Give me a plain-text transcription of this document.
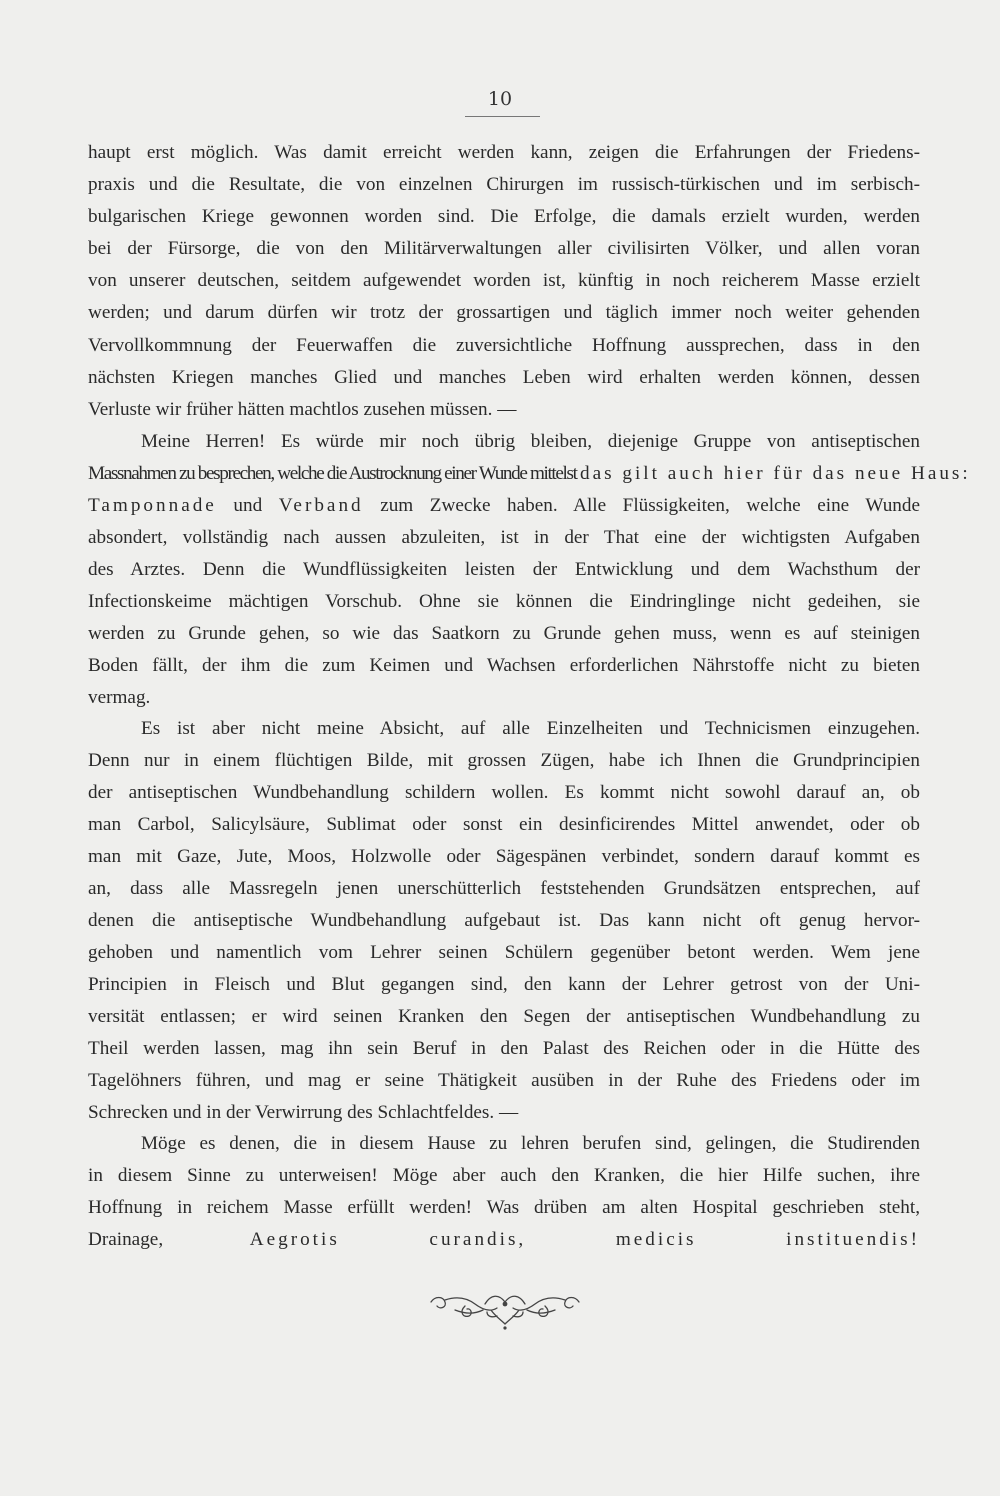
10
haupt erst möglich. Was damit erreicht werden kann, zeigen die Erfahrungen der Friedens-
praxis und die Resultate, die von einzelnen Chirurgen im russisch-türkischen und im serbisch-
bulgarischen Kriege gewonnen worden sind. Die Erfolge, die damals erzielt wurden, werden
bei der Fürsorge, die von den Militärverwaltungen aller civilisirten Völker, und allen voran
von unserer deutschen, seitdem aufgewendet worden ist, künftig in noch reicherem Masse erzielt
werden; und darum dürfen wir trotz der grossartigen und täglich immer noch weiter gehenden
Vervollkommnung der Feuerwaffen die zuversichtliche Hoffnung aussprechen, dass in den
nächsten Kriegen manches Glied und manches Leben wird erhalten werden können, dessen
Verluste wir früher hätten machtlos zusehen müssen. —
Meine Herren! Es würde mir noch übrig bleiben, diejenige Gruppe von antiseptischen
Massnahmen zu besprechen, welche die Austrocknung einer Wunde mittelst das gilt auch hier für das neue Haus:
Tamponnade und Verband zum Zwecke haben. Alle Flüssigkeiten, welche eine Wunde
absondert, vollständig nach aussen abzuleiten, ist in der That eine der wichtigsten Aufgaben
des Arztes. Denn die Wundflüssigkeiten leisten der Entwicklung und dem Wachsthum der
Infectionskeime mächtigen Vorschub. Ohne sie können die Eindringlinge nicht gedeihen, sie
werden zu Grunde gehen, so wie das Saatkorn zu Grunde gehen muss, wenn es auf steinigen
Boden fällt, der ihm die zum Keimen und Wachsen erforderlichen Nährstoffe nicht zu bieten
vermag.
Es ist aber nicht meine Absicht, auf alle Einzelheiten und Technicismen einzugehen.
Denn nur in einem flüchtigen Bilde, mit grossen Zügen, habe ich Ihnen die Grundprincipien
der antiseptischen Wundbehandlung schildern wollen. Es kommt nicht sowohl darauf an, ob
man Carbol, Salicylsäure, Sublimat oder sonst ein desinficirendes Mittel anwendet, oder ob
man mit Gaze, Jute, Moos, Holzwolle oder Sägespänen verbindet, sondern darauf kommt es
an, dass alle Massregeln jenen unerschütterlich feststehenden Grundsätzen entsprechen, auf
denen die antiseptische Wundbehandlung aufgebaut ist. Das kann nicht oft genug hervor-
gehoben und namentlich vom Lehrer seinen Schülern gegenüber betont werden. Wem jene
Principien in Fleisch und Blut gegangen sind, den kann der Lehrer getrost von der Uni-
versität entlassen; er wird seinen Kranken den Segen der antiseptischen Wundbehandlung zu
Theil werden lassen, mag ihn sein Beruf in den Palast des Reichen oder in die Hütte des
Tagelöhners führen, und mag er seine Thätigkeit ausüben in der Ruhe des Friedens oder im
Schrecken und in der Verwirrung des Schlachtfeldes. —
Möge es denen, die in diesem Hause zu lehren berufen sind, gelingen, die Studirenden
in diesem Sinne zu unterweisen! Möge aber auch den Kranken, die hier Hilfe suchen, ihre
Hoffnung in reichem Masse erfüllt werden! Was drüben am alten Hospital geschrieben steht,
Drainage,	Aegrotis curandis, medicis instituendis!
